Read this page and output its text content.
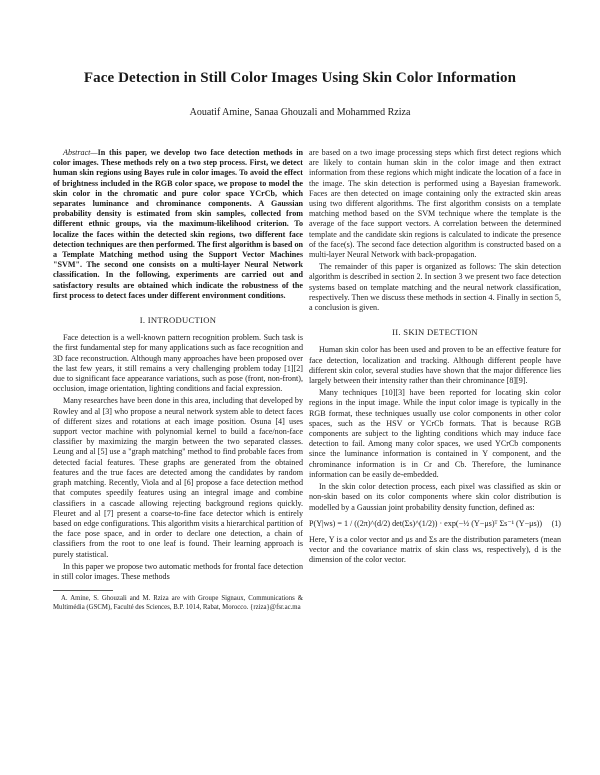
Face Detection in Still Color Images Using Skin Color Information
Aouatif Amine, Sanaa Ghouzali and Mohammed Rziza

Abstract—In this paper, we develop two face detection methods in color images. These methods rely on a two step process. First, we detect human skin regions using Bayes rule in color images. To avoid the effect of brightness included in the RGB color space, we propose to model the skin color in the chromatic and pure color space YCrCb, which separates luminance and chrominance components. A Gaussian probability density is estimated from skin samples, collected from different ethnic groups, via the maximum-likelihood criterion. To localize the faces within the detected skin regions, two different face detection techniques are then performed. The first algorithm is based on a Template Matching method using the Support Vector Machines "SVM". The second one consists on a multi-layer Neural Network classification. In the following, experiments are carried out and satisfactory results are obtained which indicate the robustness of the first process to detect faces under different environment conditions.

I. INTRODUCTION

Face detection is a well-known pattern recognition problem. Such task is the first fundamental step for many applications such as face recognition and 3D face reconstruction. Although many approaches have been proposed over the last few years, it still remains a very challenging problem today [1][2] due to significant face appearance variations, such as pose (front, non-front), occlusion, image orientation, lighting conditions and facial expression.

Many researches have been done in this area, including that developed by Rowley and al [3] who propose a neural network system able to detect faces of different sizes and rotations at each image position. Osuna [4] uses support vector machine with polynomial kernel to build a face/non-face classifier by maximizing the margin between the two separated classes. Leung and al [5] use a "graph matching" method to find probable faces from detected facial features. These graphs are generated from the obtained features and the true faces are detected among the candidates by random graph matching. Recently, Viola and al [6] propose a face detection method that computes speedily features using an integral image and combine classifiers in a cascade allowing rejecting background regions quickly. Fleuret and al [7] present a coarse-to-fine face detector which is entirely based on edge configurations. This algorithm visits a hierarchical partition of the face pose space, and in order to declare one detection, a chain of classifiers from the root to one leaf is found. Their learning approach is purely statistical.

In this paper we propose two automatic methods for frontal face detection in still color images. These methods

A. Amine, S. Ghouzali and M. Rziza are with Groupe Signaux, Communications & Multimédia (GSCM), Faculté des Sciences, B.P. 1014, Rabat, Morocco. {rziza}@fsr.ac.ma

are based on a two image processing steps which first detect regions which are likely to contain human skin in the color image and then extract information from these regions which might indicate the location of a face in the image. The skin detection is performed using a Bayesian framework. Faces are then detected on image containing only the extracted skin areas using two different algorithms. The first algorithm consists on a template matching method based on the SVM technique where the template is the average of the face support vectors. A correlation between the determined template and the candidate skin regions is calculated to indicate the presence of the face(s). The second face detection algorithm is constructed based on a multi-layer Neural Network with back-propagation.

The remainder of this paper is organized as follows: The skin detection algorithm is described in section 2. In section 3 we present two face detection systems based on template matching and the neural network classification, respectively. Then we discuss these methods in section 4. Finally in section 5, a conclusion is given.

II. SKIN DETECTION

Human skin color has been used and proven to be an effective feature for face detection, localization and tracking. Although different people have different skin color, several studies have shown that the major difference lies largely between their intensity rather than their chrominance [8][9].

Many techniques [10][3] have been reported for locating skin color regions in the input image. While the input color image is typically in the RGB format, these techniques usually use color components in other color spaces, such as the HSV or YCrCb formats. That is because RGB components are subject to the lighting conditions which may induce face detection to fail. Among many color spaces, we used YCrCb components since the luminance information is contained in Y component, and the chrominance information is in Cr and Cb. Therefore, the luminance information can be easily de-embedded.

In the skin color detection process, each pixel was classified as skin or non-skin based on its color components where skin color distribution is modelled by a Gaussian joint probability density function, defined as:

P(Y|ws) = 1 / ((2π)^(d/2) det(Σs)^(1/2)) · exp(−½ (Y−μs)ᵀ Σs⁻¹ (Y−μs))	(1)

Here, Y is a color vector and μs and Σs are the distribution parameters (mean vector and the covariance matrix of skin class ws, respectively), d is the dimension of the color vector.
